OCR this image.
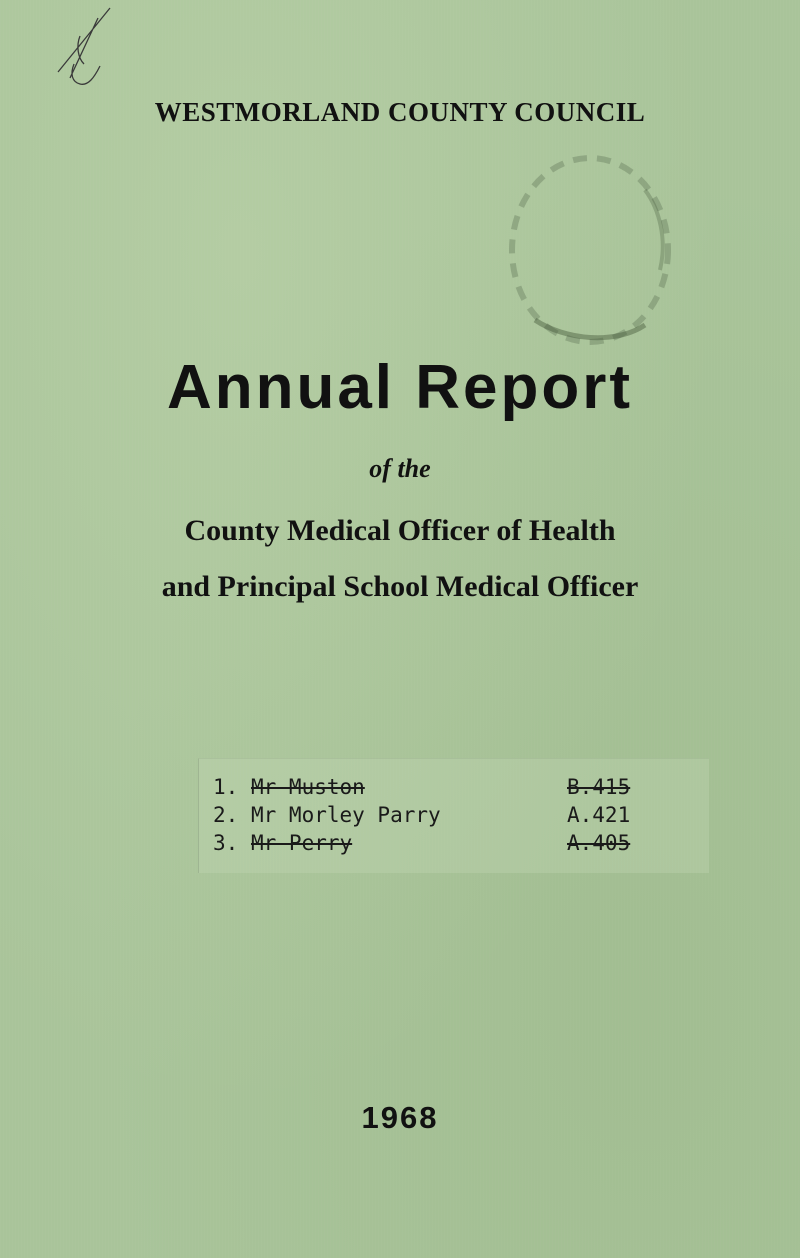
WESTMORLAND COUNTY COUNCIL
Annual Report
of the
County Medical Officer of Health
and Principal School Medical Officer
1. Mr Muston	B.415
2. Mr Morley Parry	A.421
3. Mr Perry	A.405
1968
